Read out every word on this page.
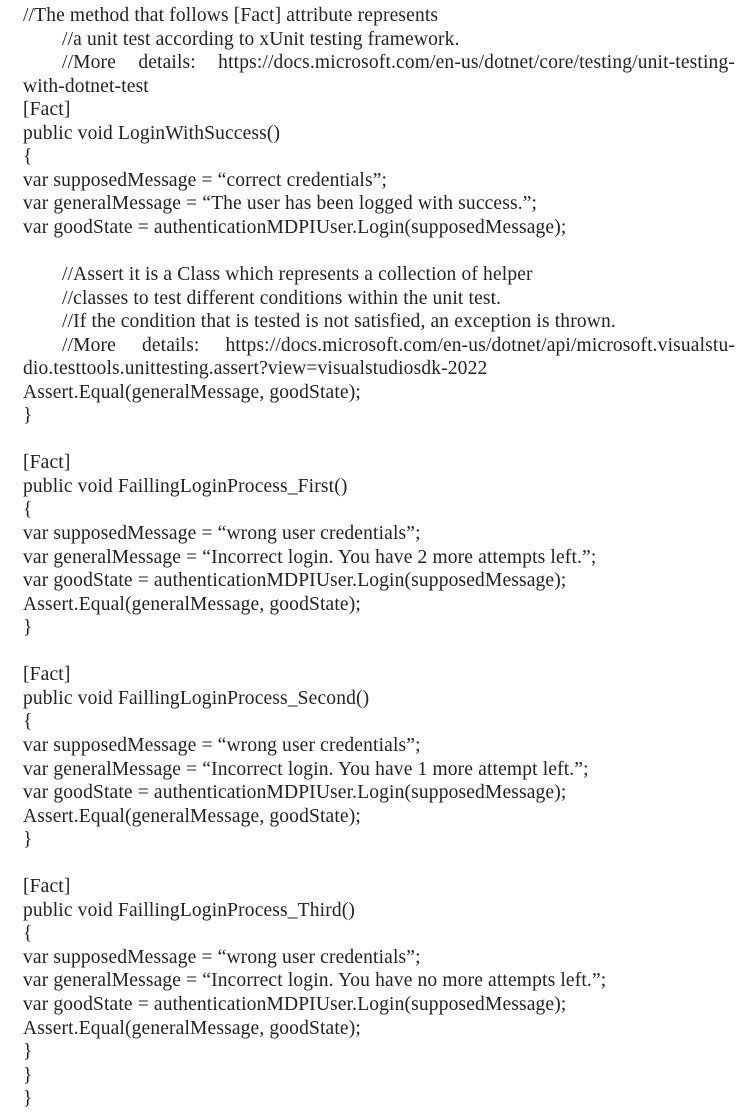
//The method that follows [Fact] attribute represents
//a unit test according to xUnit testing framework.
//More details: https://docs.microsoft.com/en-us/dotnet/core/testing/unit-testing-
with-dotnet-test
[Fact]
public void LoginWithSuccess()
{
var supposedMessage = “correct credentials”;
var generalMessage = “The user has been logged with success.”;
var goodState = authenticationMDPIUser.Login(supposedMessage);
//Assert it is a Class which represents a collection of helper
//classes to test different conditions within the unit test.
//If the condition that is tested is not satisfied, an exception is thrown.
//More details: https://docs.microsoft.com/en-us/dotnet/api/microsoft.visualstu-
dio.testtools.unittesting.assert?view=visualstudiosdk-2022
Assert.Equal(generalMessage, goodState);
}
[Fact]
public void FaillingLoginProcess_First()
{
var supposedMessage = “wrong user credentials”;
var generalMessage = “Incorrect login. You have 2 more attempts left.”;
var goodState = authenticationMDPIUser.Login(supposedMessage);
Assert.Equal(generalMessage, goodState);
}
[Fact]
public void FaillingLoginProcess_Second()
{
var supposedMessage = “wrong user credentials”;
var generalMessage = “Incorrect login. You have 1 more attempt left.”;
var goodState = authenticationMDPIUser.Login(supposedMessage);
Assert.Equal(generalMessage, goodState);
}
[Fact]
public void FaillingLoginProcess_Third()
{
var supposedMessage = “wrong user credentials”;
var generalMessage = “Incorrect login. You have no more attempts left.”;
var goodState = authenticationMDPIUser.Login(supposedMessage);
Assert.Equal(generalMessage, goodState);
}
}
}
